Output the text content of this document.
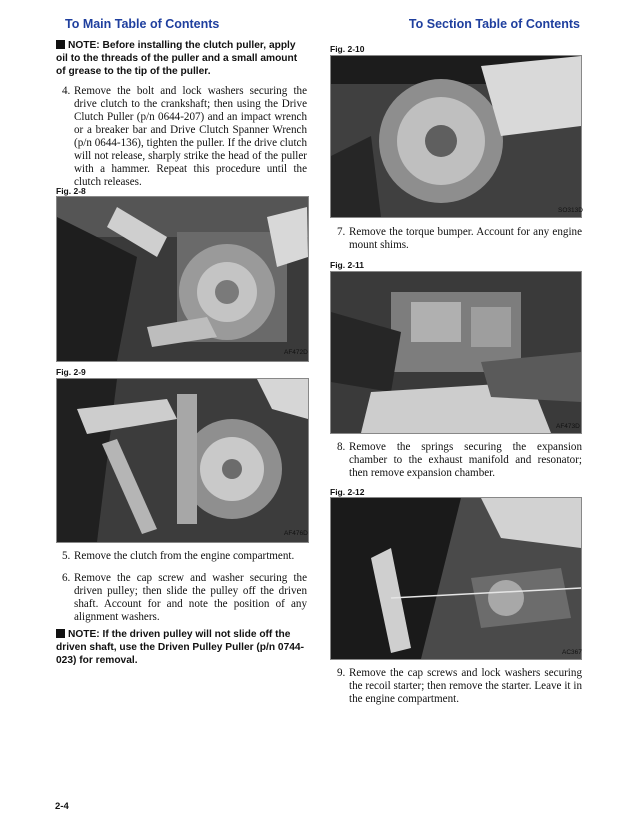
To Main Table of Contents	To Section Table of Contents
NOTE: Before installing the clutch puller, apply oil to the threads of the puller and a small amount of grease to the tip of the puller.
4. Remove the bolt and lock washers securing the drive clutch to the crankshaft; then using the Drive Clutch Puller (p/n 0644-207) and an impact wrench or a breaker bar and Drive Clutch Spanner Wrench (p/n 0644-136), tighten the puller. If the drive clutch will not release, sharply strike the head of the puller with a hammer. Repeat this procedure until the clutch releases.
Fig. 2-8
AF472D
Fig. 2-9
AF476D
5. Remove the clutch from the engine compartment.
6. Remove the cap screw and washer securing the driven pulley; then slide the pulley off the driven shaft. Account for and note the position of any alignment washers.
NOTE: If the driven pulley will not slide off the driven shaft, use the Driven Pulley Puller (p/n 0744-023) for removal.
Fig. 2-10
SO313D
7. Remove the torque bumper. Account for any engine mount shims.
Fig. 2-11
AF473D
8. Remove the springs securing the expansion chamber to the exhaust manifold and resonator; then remove expansion chamber.
Fig. 2-12
AC367
9. Remove the cap screws and lock washers securing the recoil starter; then remove the starter. Leave it in the engine compartment.
2-4
